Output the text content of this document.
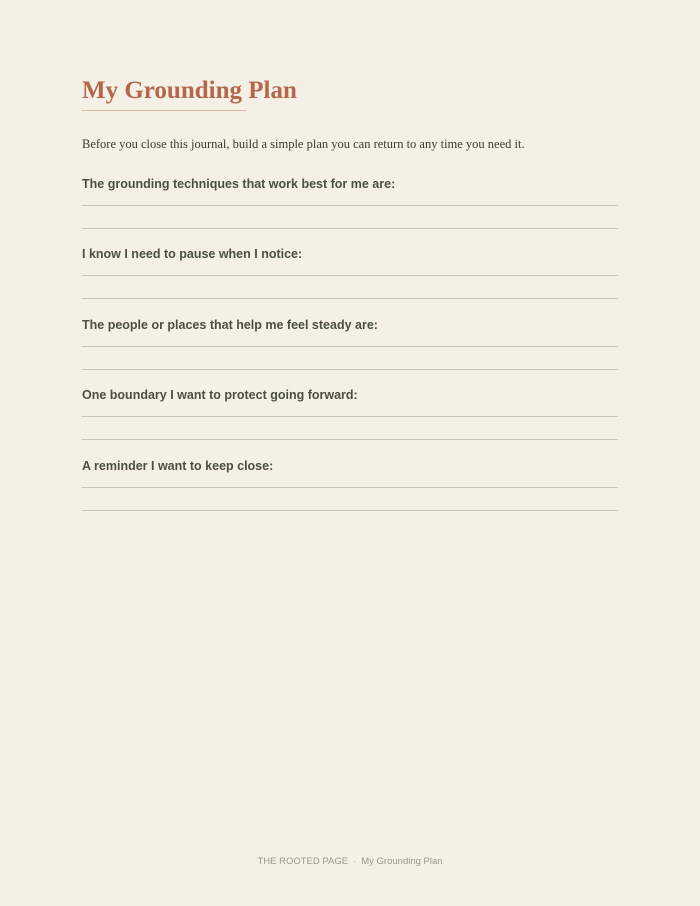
My Grounding Plan

Before you close this journal, build a simple plan you can return to any time you need it.

The grounding techniques that work best for me are:

I know I need to pause when I notice:

The people or places that help me feel steady are:

One boundary I want to protect going forward:

A reminder I want to keep close:

THE ROOTED PAGE · My Grounding Plan
